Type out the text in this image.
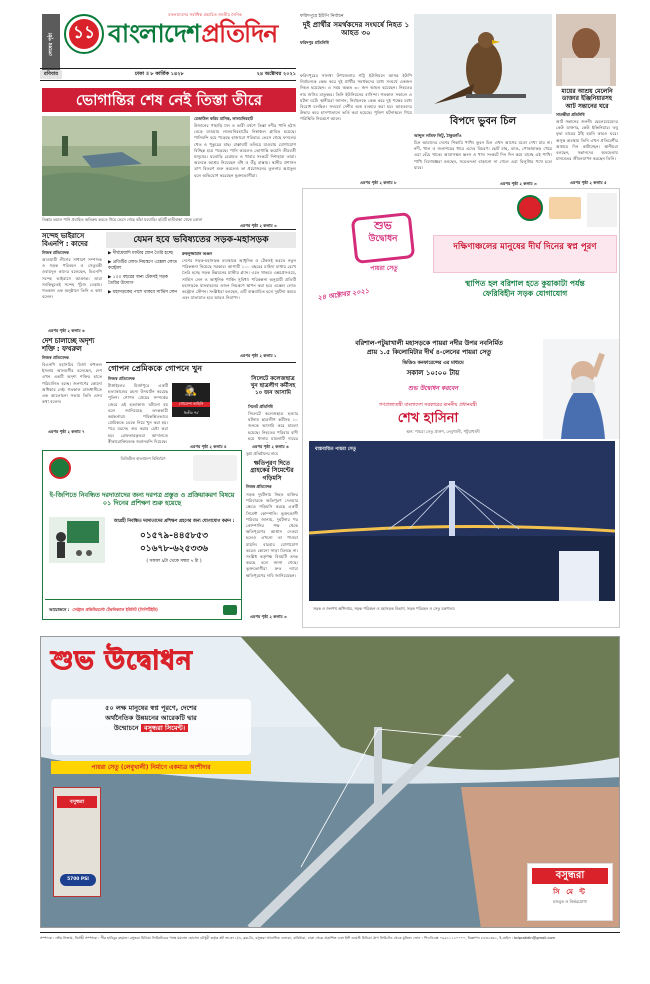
লেষের পৃষ্ঠা	১১
বাংলাদেশের সর্বাধিক প্রচারিত জাতীয় দৈনিক
বাংলাদেশ প্রতিদিন
রবিবার	ঢাকা ॥ ৮ কার্তিক ১৪২৮	২৪ অক্টোবর ২০২১
ফরিদপুরে ইউপি নির্বাচন
দুই প্রার্থীর সমর্থকদের সংঘর্ষে নিহত ১ আহত ৩০
ফরিদপুর প্রতিনিধি
ফরিদপুরের সালথা উপজেলার গট্টি ইউনিয়নে আসন্ন ইউপি নির্বাচনকে কেন্দ্র করে দুই প্রার্থীর সমর্থকদের মধ্যে সংঘর্ষে একজন নিহত হয়েছেন। এ সময় অন্তত ৩০ জন আহত হয়েছেন। নিহতের নাম জসিম মাতুব্বর। তিনি ইউনিয়নের বাসিন্দা। গতকাল সকালে এ ঘটনা ঘটে। স্থানীয়রা জানান, নির্বাচনকে কেন্দ্র করে দুই পক্ষের মধ্যে বিরোধ চলছিল। সংঘর্ষে দেশীয় অস্ত্র ব্যবহার করা হয়। আহতদের উদ্ধার করে হাসপাতালে ভর্তি করা হয়েছে। পুলিশ ঘটনাস্থলে গিয়ে পরিস্থিতি নিয়ন্ত্রণে আনে।
এরপর পৃষ্ঠা ২ কলাম ৮
বিপদে ভুবন চিল
আব্দুল লতিফ লিটু, ঠাকুরগাঁও
চিল আমাদের দেশের শিকারি পাখি। ভুবন চিল এখন আগের মতো দেখা যায় না। নদী, খাল ও জলাশয়ের ধারে এদের বিচরণ। ছোট মাছ, ব্যাঙ, পোকামাকড় খেয়ে এরা বেঁচে থাকে। আবাসস্থল ধ্বংস ও খাদ্য সংকটে দিন দিন কমে যাচ্ছে এই পাখি। পাখি বিশেষজ্ঞরা বলছেন, সচেতনতা বাড়ানো না গেলে এরা বিলুপ্তির পথে চলে যাবে।
এরপর পৃষ্ঠা ২ কলাম ৩
মায়ের আশ্রয় মেলেনি ডাক্তার ইঞ্জিনিয়ারসহ আট সন্তানের ঘরে
সাতক্ষীরা প্রতিনিধি
আট সন্তানের জননী। ছেলেমেয়েদের কেউ ডাক্তার, কেউ ইঞ্জিনিয়ার। তবু বৃদ্ধা মায়ের ঠাঁই হয়নি কারও ঘরে। অসুস্থ অবস্থায় তিনি এখন প্রতিবেশীর আশ্রয়ে দিন কাটাচ্ছেন। স্থানীয়রা বলছেন, সন্তানদের অবহেলায় মানবেতর জীবনযাপন করছেন তিনি।
এরপর পৃষ্ঠা ২ কলাম ৫
ভোগান্তির শেষ নেই তিস্তা তীরে
তিস্তার ভয়াল পানি প্রবাহিত অতিক্রম করতে গিয়ে ভেসে গেছে কাঁচা ঘরবাড়ি। ছবিটি হাতীবান্ধা থেকে তোলা
রেজাউল করিম মানিক, লালমনিরহাট
উজানের পাহাড়ি ঢল ও ভারী বর্ষণে তিস্তা নদীর পানি হঠাৎ বেড়ে যাওয়ায় লালমনিরহাটের নিম্নাঞ্চল প্লাবিত হয়েছে। পানিবন্দি হয়ে পড়েছে হাজারো পরিবার। ভেসে গেছে ফসলের খেত ও পুকুরের মাছ। রাস্তাঘাট তলিয়ে যাওয়ায় যোগাযোগ বিচ্ছিন্ন হয়ে পড়েছে। পানি কমলেও ভোগান্তি কমেনি তীরবর্তী মানুষের। ঘরবাড়ি মেরামত ও খাবার সংকটে দিশাহারা তারা। অনেকে আশ্রয় নিয়েছেন বাঁধ ও উঁচু রাস্তায়। স্থানীয় প্রশাসন ত্রাণ বিতরণ শুরু করলেও তা প্রয়োজনের তুলনায় অপ্রতুল বলে অভিযোগ করেছেন ভুক্তভোগীরা।
এরপর পৃষ্ঠা ২ কলাম ৩
সন্দেহ ভাইরাসে বিএনপি : কাদের
নিজস্ব প্রতিবেদক
আওয়ামী লীগের সাধারণ সম্পাদক ও সড়ক পরিবহন ও সেতুমন্ত্রী ওবায়দুল কাদের বলেছেন, বিএনপি সন্দেহ ভাইরাসে আক্রান্ত। তারা সবকিছুতেই সন্দেহ খুঁজে বেড়ায়। গতকাল এক অনুষ্ঠানে তিনি এ কথা বলেন।
এরপর পৃষ্ঠা ২ কলাম ৬
দেশ চালাচ্ছে অদৃশ্য শক্তি : ফখরুল
নিজস্ব প্রতিবেদক
বিএনপি মহাসচিব মির্জা ফখরুল ইসলাম আলমগীর বলেছেন, দেশ এখন একটি অদৃশ্য শক্তির হাতে পরিচালিত হচ্ছে। জনগণের কোনো অধিকার নেই। গতকাল রাজধানীতে এক আলোচনা সভায় তিনি এসব কথা বলেন।
এরপর পৃষ্ঠা ২ কলাম ৭
যেমন হবে ভবিষ্যতের সড়ক-মহাসড়ক
▶ দীর্ঘমেয়াদি মাস্টার প্ল্যান তৈরি হচ্ছে
▶ প্রতিটির লোড নিয়ন্ত্রণে এক্সেল লোড কন্ট্রোল
▶ ১০০ বছরের জন্য টেকসই সড়ক তৈরির উদ্যোগ
▶ মহাসড়কের পাশে থাকবে সার্ভিস লেন
রুকনুজ্জামান অঞ্জন
দেশের সড়ক-মহাসড়ক ব্যবস্থাকে আধুনিক ও টেকসই করতে নতুন পরিকল্পনা নিয়েছে সরকার। আগামী ১০০ বছরের চাহিদা মাথায় রেখে তৈরি হচ্ছে সড়ক উন্নয়নের মাস্টার প্ল্যান। এতে থাকবে এক্সপ্রেসওয়ে, সার্ভিস লেন ও আধুনিক পার্কিং সুবিধা। পরিকল্পনা অনুযায়ী প্রতিটি মহাসড়কে যানবাহনের ওজন নিয়ন্ত্রণে স্থাপন করা হবে এক্সেল লোড কন্ট্রোল স্টেশন। সংশ্লিষ্টরা বলছেন, এটি বাস্তবায়িত হলে দুর্ঘটনা কমবে এবং যাতায়াত হবে আরও নিরাপদ।
এরপর পৃষ্ঠা ২ কলাম ১
গোপন প্রেমিককে গোপনে খুন
নিজস্ব প্রতিবেদক
টাঙ্গাইলের মির্জাপুরে একটি হত্যাকাণ্ডের রহস্য উদঘাটন করেছে পুলিশ। গোপন প্রেমের সম্পর্কের জেরে এই হত্যাকাণ্ড ঘটানো হয় বলে জানিয়েছে তদন্তকারী কর্মকর্তারা। পরিকল্পিতভাবে প্রেমিককে ডেকে নিয়ে খুন করা হয়। পরে মরদেহ গুম করার চেষ্টা করা হয়। গ্রেফতারকৃতরা আদালতে স্বীকারোক্তিমূলক জবানবন্দি দিয়েছে।
🕵
গোয়েন্দা কাহিনি
দ্বিতীয় পর্ব
এরপর পৃষ্ঠা ২ কলাম ৪
সিলেটে কলেজছাত্র খুন ছাত্রলীগ কর্মীসহ ১০ জন আসামি
সিলেট প্রতিনিধি
সিলেটে কলেজছাত্র হত্যার ঘটনায় ছাত্রলীগ কর্মীসহ ১০ জনকে আসামি করে মামলা হয়েছে। নিহতের পরিবার বাদী হয়ে থানায় মামলাটি দায়ের
এরপর পৃষ্ঠা ২ কলাম ৬
ডিজিটাল বাংলাদেশ বিনির্মাণে
ই-জিপিতে নিবন্ধিত দরদাতাদের জন্য দরপত্র প্রস্তুত ও প্রক্রিয়াকরণ বিষয়ে ০১ দিনের প্রশিক্ষণ শুরু হয়েছে
আগ্রহী নিবন্ধিত দরদাতাদের প্রশিক্ষণ গ্রহণের জন্য যোগাযোগ করুন :
০১৫৭৯-৪৪৫৮৫৩
০১৬৭৮-৬২৫৩৩৬
( সকাল ৯টা থেকে সন্ধ্যা ৭ টা )
আয়োজনে : সেন্ট্রাল প্রকিউরমেন্ট টেকনিক্যাল ইউনিট (সিপিটিইউ)
ভুয়া প্রতিষ্ঠানের নামে
ক্ষতিপূরণ দিতে গ্রাহকের সিমেন্টের গড়িমসি
নিজস্ব প্রতিবেদক
সড়ক দুর্ঘটনায় নিহত ব্যক্তির পরিবারকে ক্ষতিপূরণ দেওয়ার ক্ষেত্রে গড়িমসি করছে একটি সিমেন্ট কোম্পানি। ভুক্তভোগী পরিবার জানায়, দুর্ঘটনার পর কোম্পানির পক্ষ থেকে ক্ষতিপূরণের আশ্বাস দেওয়া হলেও এখনো তা পাওয়া যায়নি। বারবার যোগাযোগ করেও কোনো সাড়া মিলছে না। সংশ্লিষ্ট কর্তৃপক্ষ বিষয়টি তদন্ত করছে বলে জানা গেছে। ভুক্তভোগীরা দ্রুত ন্যায্য ক্ষতিপূরণের দাবি জানিয়েছেন।
এরপর পৃষ্ঠা ২ কলাম ৩
শুভ
উদ্বোধন
পায়রা সেতু
২৪ অক্টোবর ২০২১
দক্ষিণাঞ্চলের মানুষের দীর্ঘ দিনের স্বপ্ন পূরণ
স্থাপিত হল বরিশাল হতে কুয়াকাটা পর্যন্ত
ফেরিবিহীন সড়ক যোগাযোগ
বরিশাল-পটুয়াখালী মহাসড়কে পায়রা নদীর উপর নবনির্মিত
প্রায় ১.৫ কিলোমিটার দীর্ঘ ৪-লেনের পায়রা সেতু
ভিডিও কনফারেন্সের এর মাধ্যমে
সকাল ১০:০০ টায়
শুভ উদ্বোধন করবেন
গণপ্রজাতন্ত্রী বাংলাদেশ সরকারের মাননীয় প্রধানমন্ত্রী
শেখ হাসিনা
স্থান: পায়রা সেতু প্রাঙ্গণ, লেবুখালী, পটুয়াখালী
বাস্তবায়িত পায়রা সেতু
সড়ক ও জনপথ অধিদপ্তর, সড়ক পরিবহন ও মহাসড়ক বিভাগ, সড়ক পরিবহন ও সেতু মন্ত্রণালয়
শুভ উদ্বোধন
৫০ লক্ষ মানুষের স্বপ্ন পূরণে, দেশের
অর্থনৈতিক উন্নয়নের আরেকটি দ্বার
উন্মোচনে বসুন্ধরা সিমেন্ট।
পায়রা সেতু (লেবুখালী) নির্মাণে একমাত্র অংশীদার
বসুন্ধরা
5700 PSI	বসুন্ধরা
সি মে ন্ট
মজবুত ও নির্ভরযোগ্য
সম্পাদক : নঈম নিজাম, নির্বাহী সম্পাদক : পীর হাবিবুর রহমান। বসুন্ধরা মিডিয়া লিমিটেডের পক্ষে ময়নাল হোসেন চৌধুরী কর্তৃক প্লট নং-৩৭১/এ, ব্লক-ডি, বসুন্ধরা আবাসিক এলাকা, বারিধারা, ঢাকা থেকে প্রকাশিত এবং ইস্ট ওয়েস্ট মিডিয়া গ্রুপ লিমিটেড থেকে মুদ্রিত। ফোন : পিএবিএক্স ০৯৬১১১২০০০০, বিজ্ঞাপন ৮৪৩২৩৬১, ই-মেইল : bdpratidin@gmail.com
